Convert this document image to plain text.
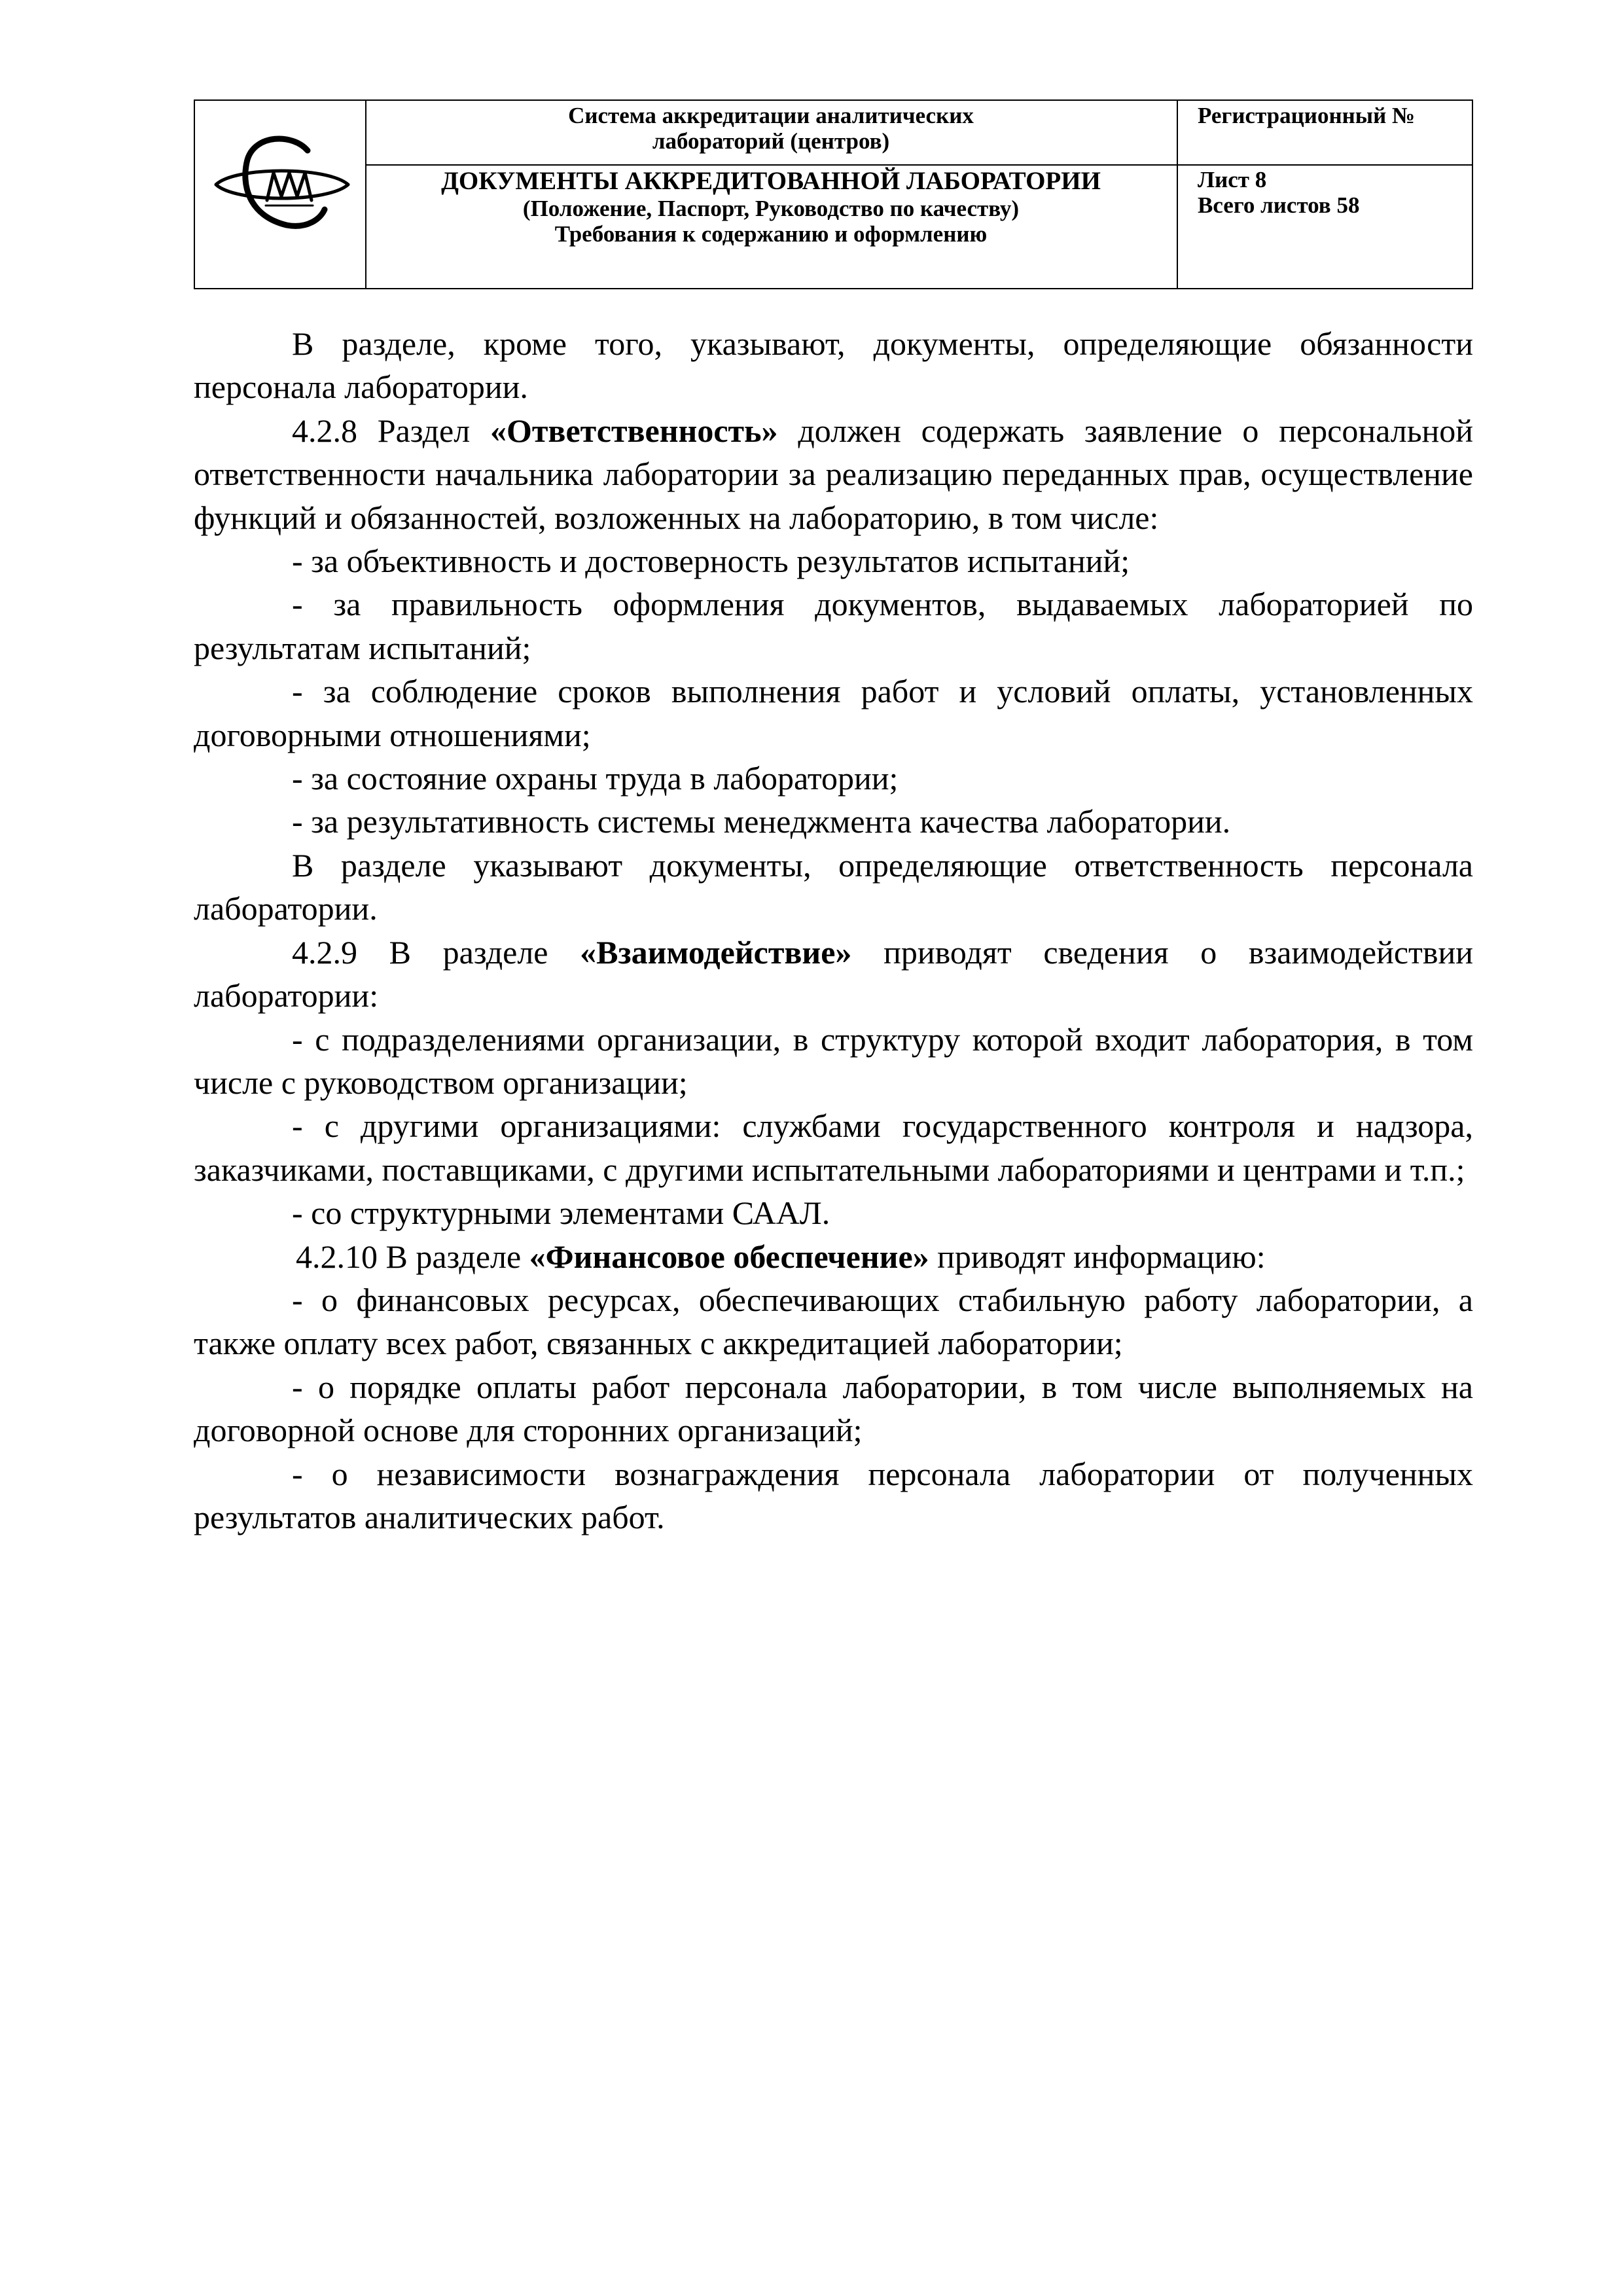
Система аккредитации аналитических
лабораторий (центров)
Регистрационный №
ДОКУМЕНТЫ АККРЕДИТОВАННОЙ ЛАБОРАТОРИИ
(Положение, Паспорт, Руководство по качеству)
Требования к содержанию и оформлению
Лист 8
Всего листов 58

В разделе, кроме того, указывают, документы, определяющие обязанности персонала лаборатории.

4.2.8 Раздел «Ответственность» должен содержать заявление о персональной ответственности начальника лаборатории за реализацию переданных прав, осуществление функций и обязанностей, возложенных на лабораторию, в том числе:

- за объективность и достоверность результатов испытаний;

- за правильность оформления документов, выдаваемых лабораторией по результатам испытаний;

- за соблюдение сроков выполнения работ и условий оплаты, установленных договорными отношениями;

- за состояние охраны труда в лаборатории;

- за результативность системы менеджмента качества лаборатории.

В разделе указывают документы, определяющие ответственность персонала лаборатории.

4.2.9 В разделе «Взаимодействие» приводят сведения о взаимодействии лаборатории:

- с подразделениями организации, в структуру которой входит лаборатория, в том числе с руководством организации;

- с другими организациями: службами государственного контроля и надзора, заказчиками, поставщиками, с другими испытательными лабораториями и центрами и т.п.;

- со структурными элементами СААЛ.

4.2.10 В разделе «Финансовое обеспечение» приводят информацию:

- о финансовых ресурсах, обеспечивающих стабильную работу лаборатории, а также оплату всех работ, связанных с аккредитацией лаборатории;

- о порядке оплаты работ персонала лаборатории, в том числе выполняемых на договорной основе для сторонних организаций;

- о независимости вознаграждения персонала лаборатории от полученных результатов аналитических работ.
